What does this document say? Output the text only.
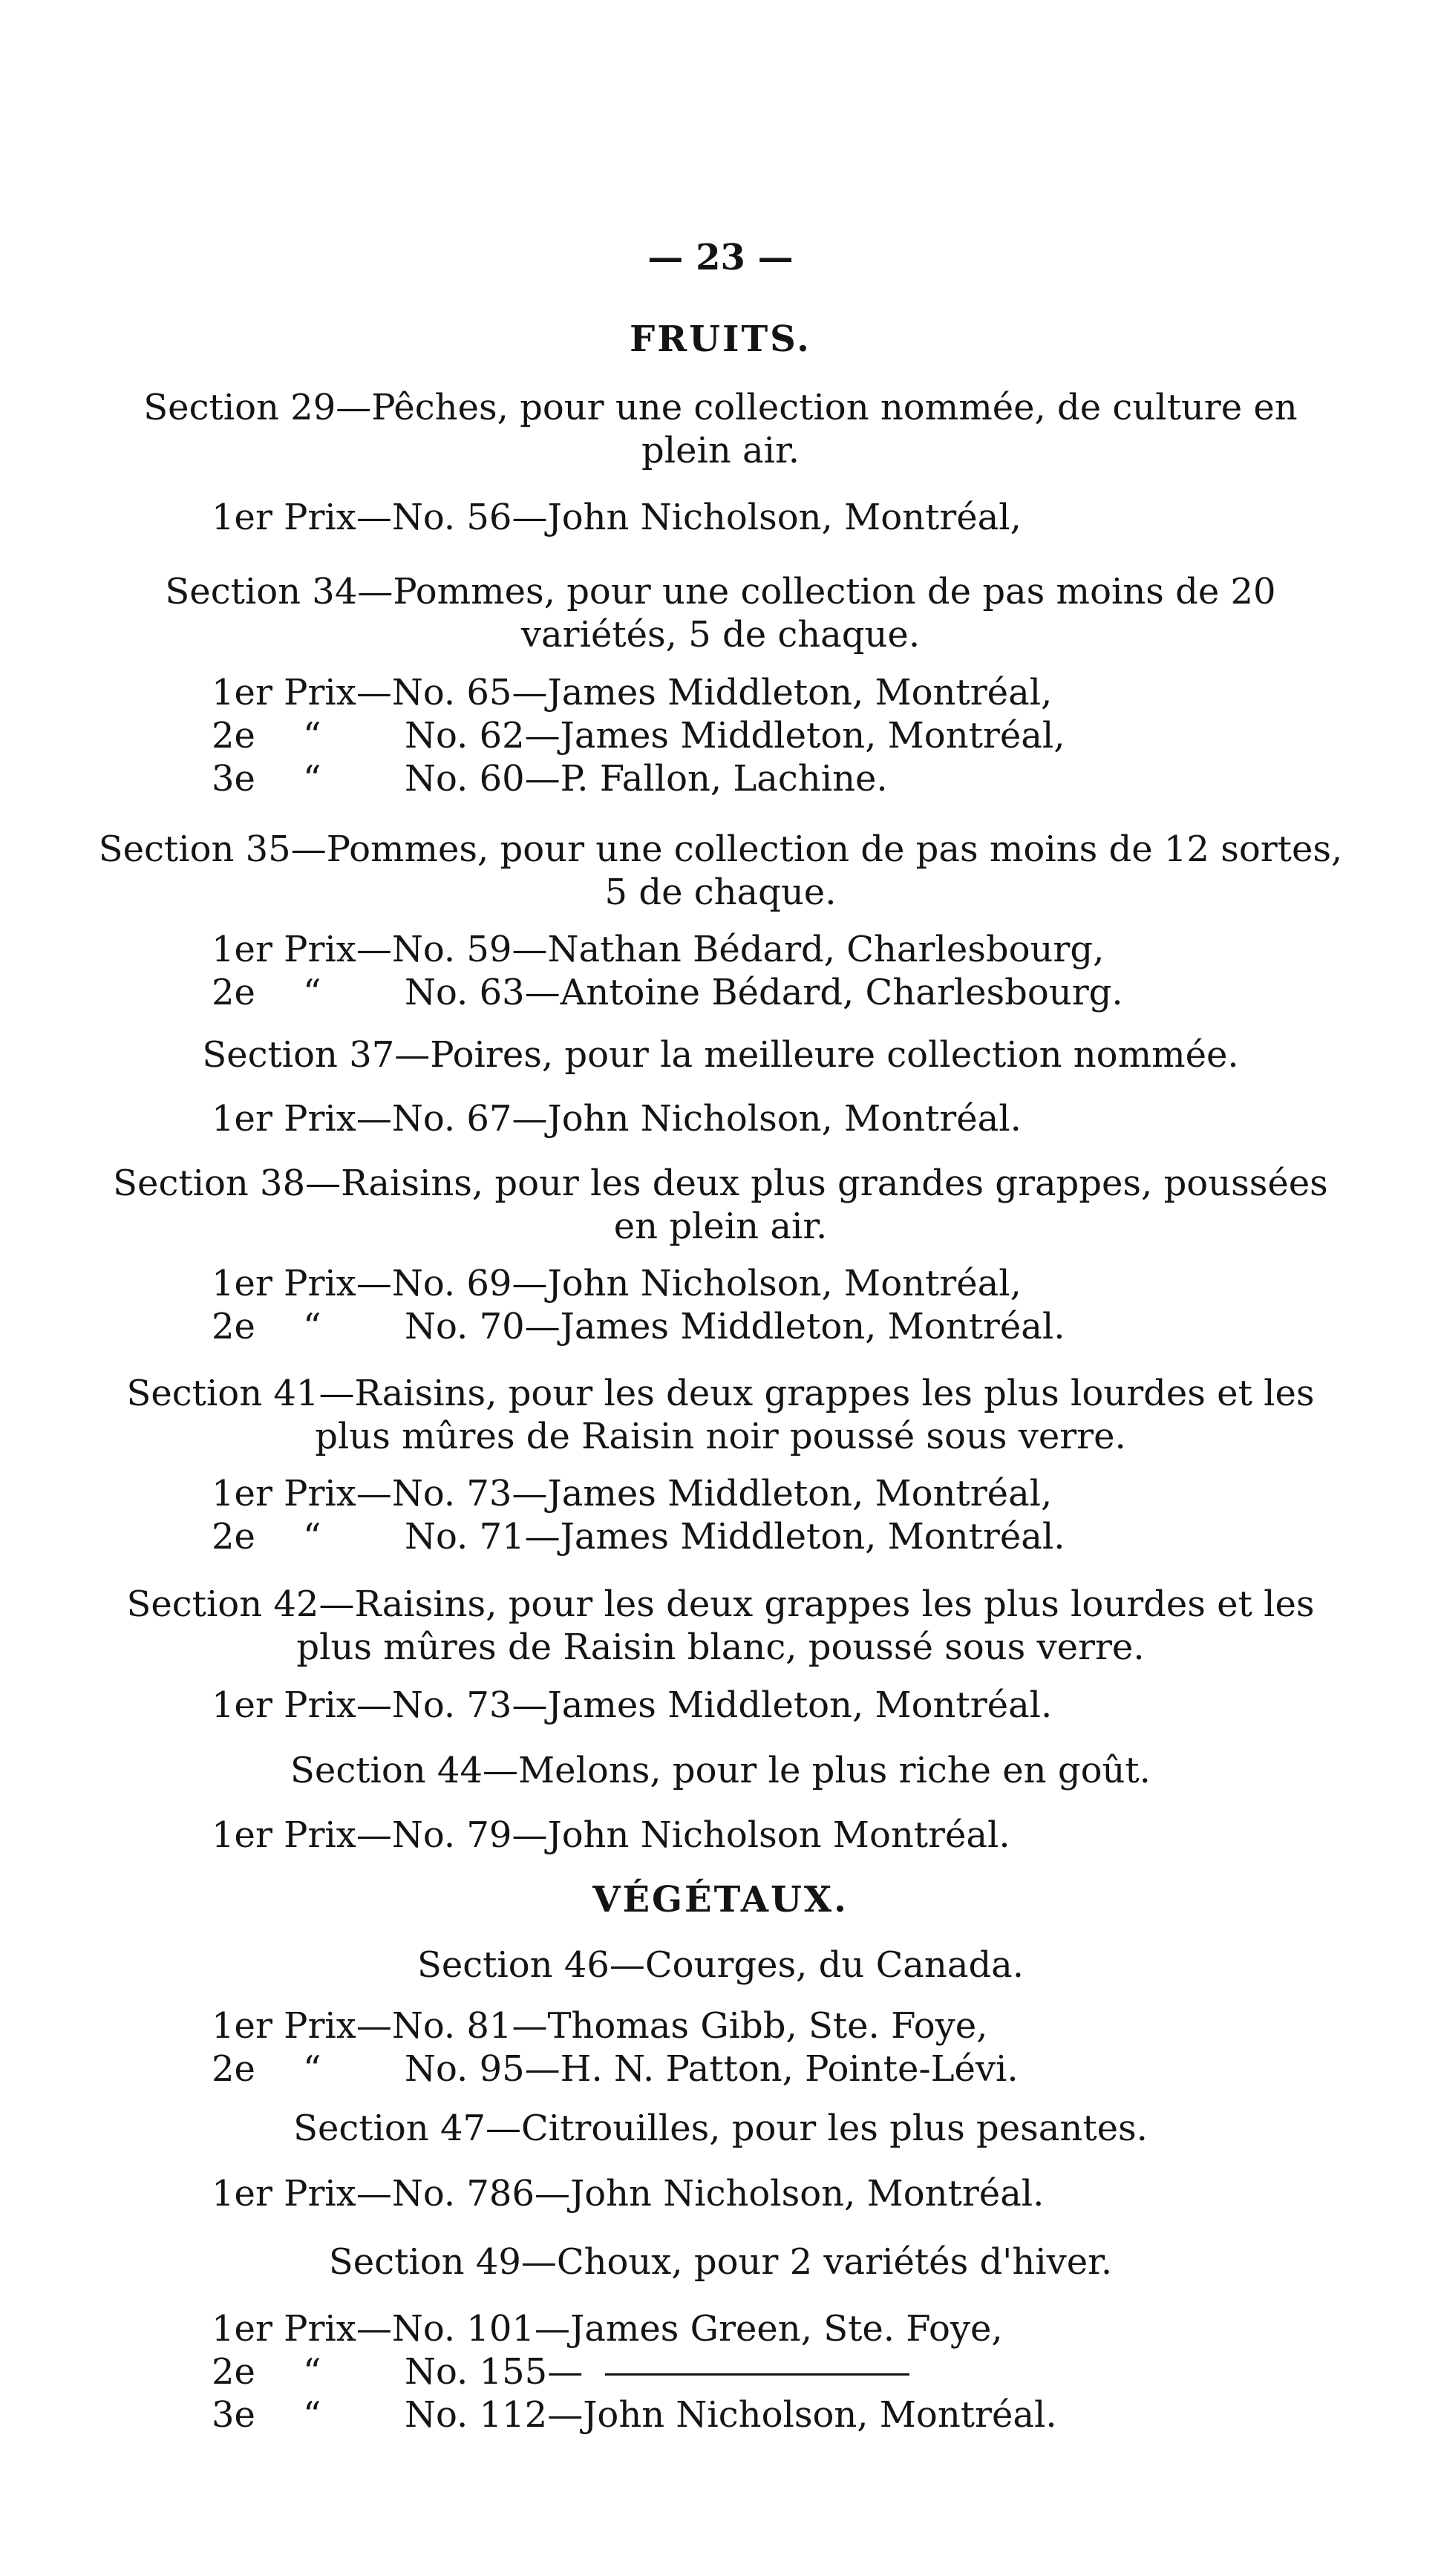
— 23 —
FRUITS.
Section 29—Pêches, pour une collection nommée, de culture en
plein air.
1er Prix—No. 56—John Nicholson, Montréal,
Section 34—Pommes, pour une collection de pas moins de 20
variétés, 5 de chaque.
1er Prix—No. 65—James Middleton, Montréal,
2e “ No. 62—James Middleton, Montréal,
3e “ No. 60—P. Fallon, Lachine.
Section 35—Pommes, pour une collection de pas moins de 12 sortes,
5 de chaque.
1er Prix—No. 59—Nathan Bédard, Charlesbourg,
2e “ No. 63—Antoine Bédard, Charlesbourg.
Section 37—Poires, pour la meilleure collection nommée.
1er Prix—No. 67—John Nicholson, Montréal.
Section 38—Raisins, pour les deux plus grandes grappes, poussées
en plein air.
1er Prix—No. 69—John Nicholson, Montréal,
2e “ No. 70—James Middleton, Montréal.
Section 41—Raisins, pour les deux grappes les plus lourdes et les
plus mûres de Raisin noir poussé sous verre.
1er Prix—No. 73—James Middleton, Montréal,
2e “ No. 71—James Middleton, Montréal.
Section 42—Raisins, pour les deux grappes les plus lourdes et les
plus mûres de Raisin blanc, poussé sous verre.
1er Prix—No. 73—James Middleton, Montréal.
Section 44—Melons, pour le plus riche en goût.
1er Prix—No. 79—John Nicholson Montréal.
VÉGÉTAUX.
Section 46—Courges, du Canada.
1er Prix—No. 81—Thomas Gibb, Ste. Foye,
2e “ No. 95—H. N. Patton, Pointe-Lévi.
Section 47—Citrouilles, pour les plus pesantes.
1er Prix—No. 786—John Nicholson, Montréal.
Section 49—Choux, pour 2 variétés d'hiver.
1er Prix—No. 101—James Green, Ste. Foye,
2e “ No. 155—
3e “ No. 112—John Nicholson, Montréal.
